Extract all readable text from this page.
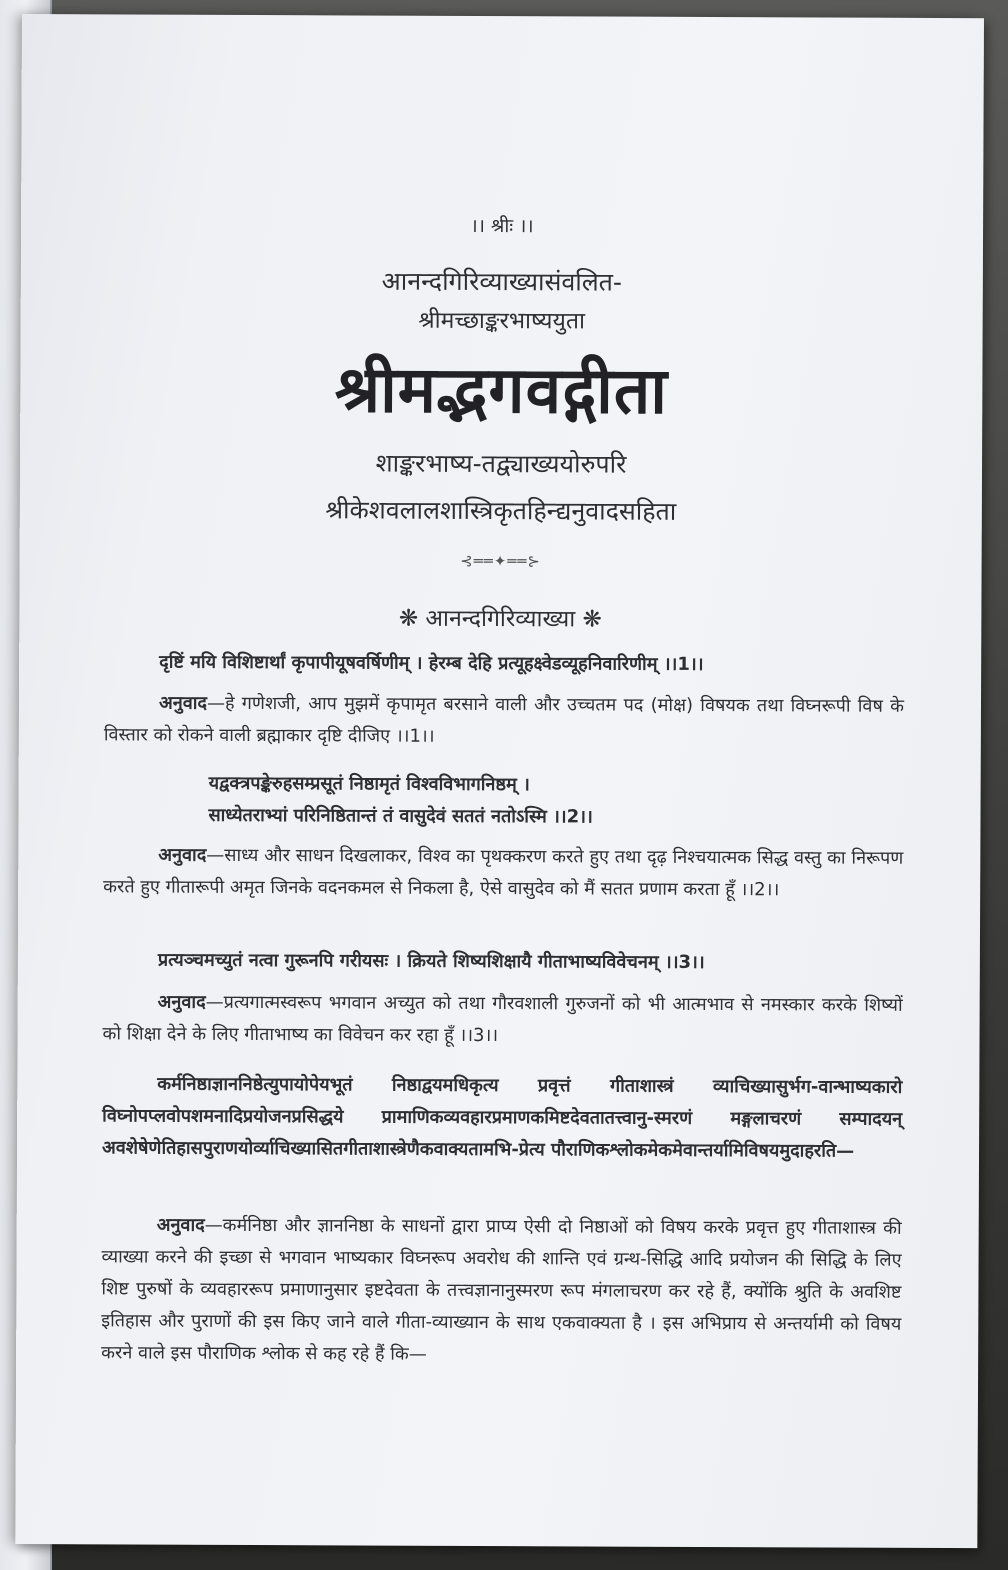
।। श्रीः ।।
आनन्दगिरिव्याख्यासंवलित-
श्रीमच्छाङ्करभाष्ययुता
श्रीमद्भगवद्गीता
शाङ्करभाष्य-तद्व्याख्ययोरुपरि
श्रीकेशवलालशास्त्रिकृतहिन्द्यनुवादसहिता
⊰══✦══⊱
❋ आनन्दगिरिव्याख्या ❋
दृष्टिं मयि विशिष्टार्थां कृपापीयूषवर्षिणीम् । हेरम्ब देहि प्रत्यूहक्ष्वेडव्यूहनिवारिणीम् ।।1।।
अनुवाद—हे गणेशजी, आप मुझमें कृपामृत बरसाने वाली और उच्चतम पद (मोक्ष) विषयक तथा विघ्नरूपी विष के विस्तार को रोकने वाली ब्रह्माकार दृष्टि दीजिए ।।1।।
यद्वक्त्रपङ्केरुहसम्प्रसूतं निष्ठामृतं विश्वविभागनिष्ठम् ।
साध्येतराभ्यां परिनिष्ठितान्तं तं वासुदेवं सततं नतोऽस्मि ।।2।।
अनुवाद—साध्य और साधन दिखलाकर, विश्व का पृथक्करण करते हुए तथा दृढ़ निश्चयात्मक सिद्ध वस्तु का निरूपण करते हुए गीतारूपी अमृत जिनके वदनकमल से निकला है, ऐसे वासुदेव को मैं सतत प्रणाम करता हूँ ।।2।।
प्रत्यञ्चमच्युतं नत्वा गुरूनपि गरीयसः । क्रियते शिष्यशिक्षायै गीताभाष्यविवेचनम् ।।3।।
अनुवाद—प्रत्यगात्मस्वरूप भगवान अच्युत को तथा गौरवशाली गुरुजनों को भी आत्मभाव से नमस्कार करके शिष्यों को शिक्षा देने के लिए गीताभाष्य का विवेचन कर रहा हूँ ।।3।।
कर्मनिष्ठाज्ञाननिष्ठेत्युपायोपेयभूतं निष्ठाद्वयमधिकृत्य प्रवृत्तं गीताशास्त्रं व्याचिख्यासुर्भग-वान्भाष्यकारो विघ्नोपप्लवोपशमनादिप्रयोजनप्रसिद्धये प्रामाणिकव्यवहारप्रमाणकमिष्टदेवतातत्त्वानु-स्मरणं मङ्गलाचरणं सम्पादयन् अवशेषेणेतिहासपुराणयोर्व्याचिख्यासितगीताशास्त्रेणैकवाक्यतामभि-प्रेत्य पौराणिकश्लोकमेकमेवान्तर्यामिविषयमुदाहरति—
अनुवाद—कर्मनिष्ठा और ज्ञाननिष्ठा के साधनों द्वारा प्राप्य ऐसी दो निष्ठाओं को विषय करके प्रवृत्त हुए गीताशास्त्र की व्याख्या करने की इच्छा से भगवान भाष्यकार विघ्नरूप अवरोध की शान्ति एवं ग्रन्थ-सिद्धि आदि प्रयोजन की सिद्धि के लिए शिष्ट पुरुषों के व्यवहाररूप प्रमाणानुसार इष्टदेवता के तत्त्वज्ञानानुस्मरण रूप मंगलाचरण कर रहे हैं, क्योंकि श्रुति के अवशिष्ट इतिहास और पुराणों की इस किए जाने वाले गीता-व्याख्यान के साथ एकवाक्यता है । इस अभिप्राय से अन्तर्यामी को विषय करने वाले इस पौराणिक श्लोक से कह रहे हैं कि—
